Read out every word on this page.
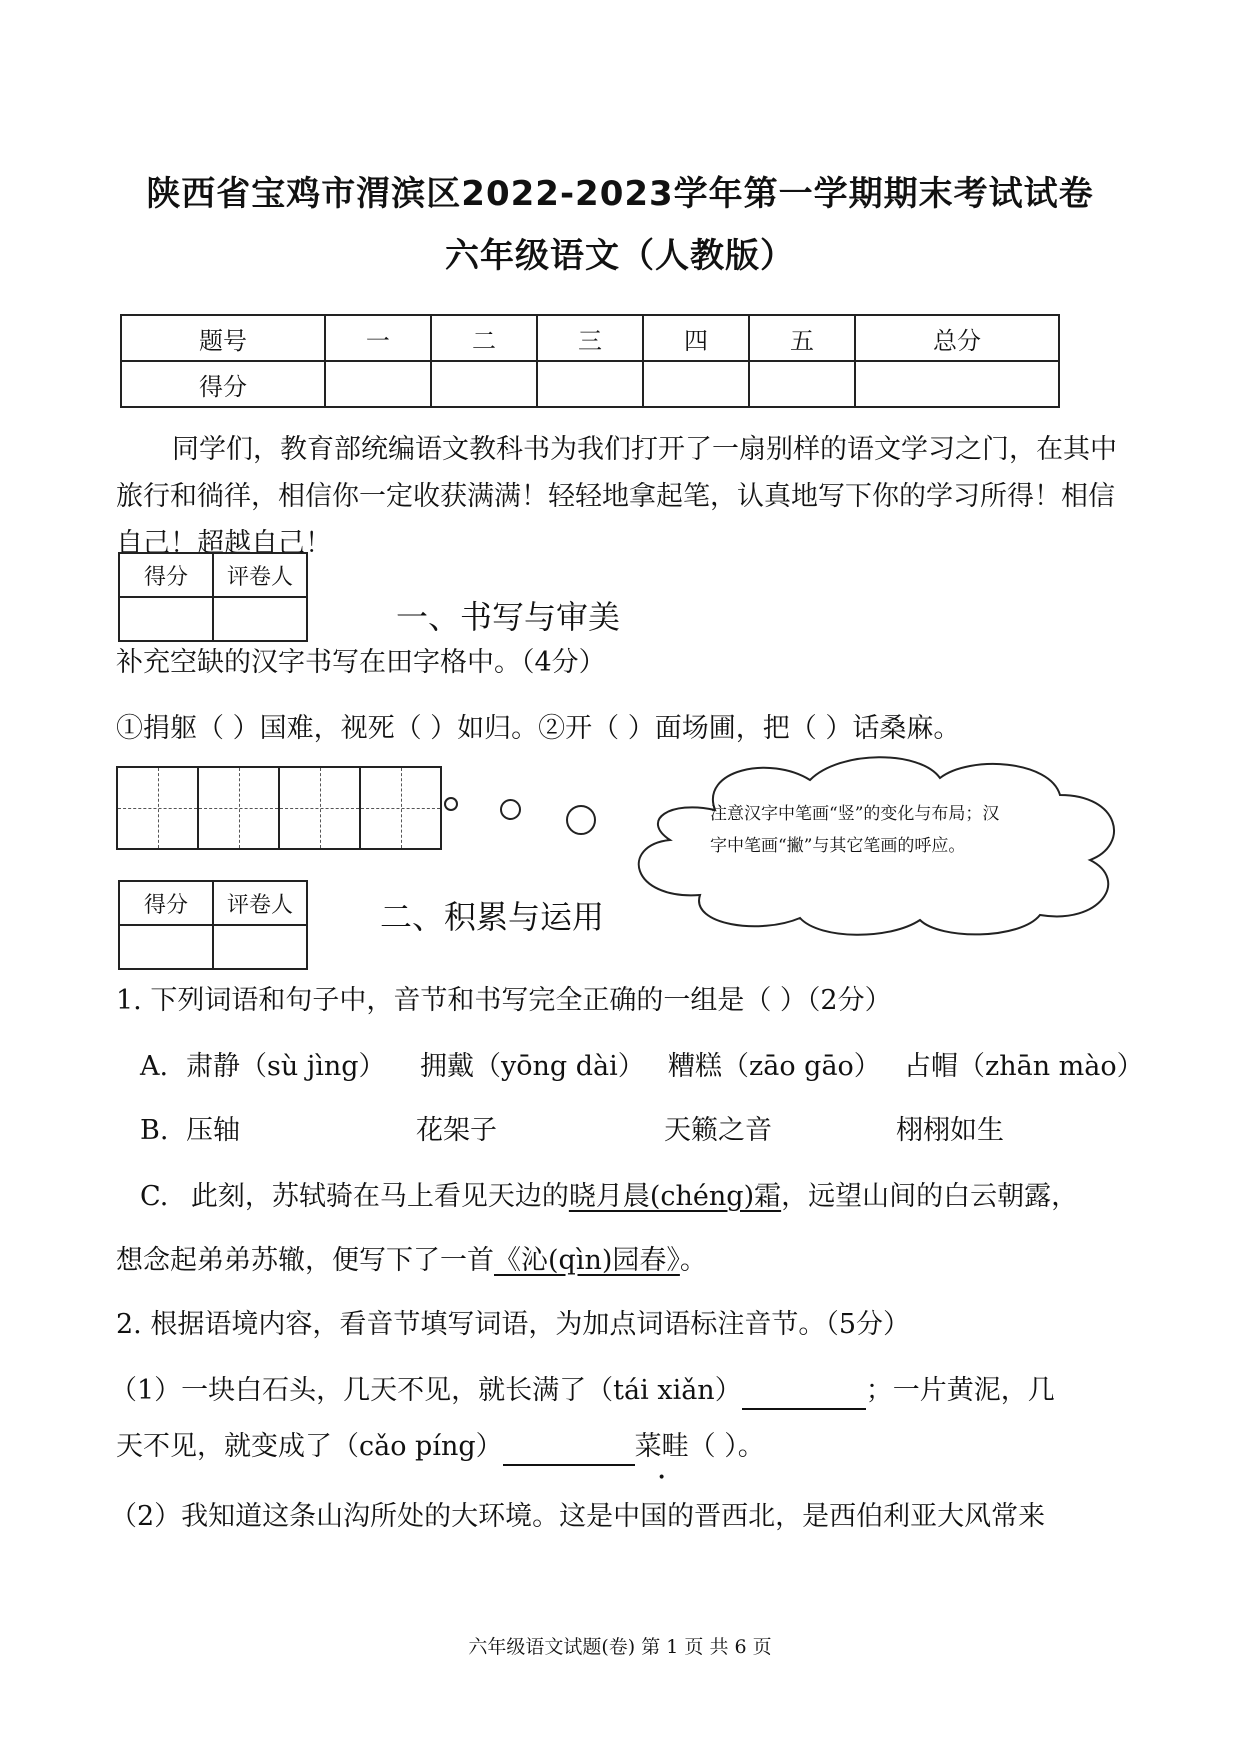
陕西省宝鸡市渭滨区2022-2023学年第一学期期末考试试卷
六年级语文（人教版）
题号	一	二	三	四	五	总分
得分						
同学们，教育部统编语文教科书为我们打开了一扇别样的语文学习之门，在其中旅行和徜徉，相信你一定收获满满！轻轻地拿起笔，认真地写下你的学习所得！相信自己！超越自己！
得分	评卷人

一、书写与审美
补充空缺的汉字书写在田字格中。（4分）
①捐躯（ ）国难，视死（ ）如归。②开（ ）面场圃，把（ ）话桑麻。
注意汉字中笔画“竖”的变化与布局；汉字中笔画“撇”与其它笔画的呼应。
得分	评卷人
		二、积累与运用
1. 下列词语和句子中，音节和书写完全正确的一组是（ ）（2分）
A. 肃静（sù jìng） 拥戴（yōng dài） 糟糕（zāo gāo） 占帽（zhān mào）
B. 压轴	花架子	天籁之音	栩栩如生
C. 此刻，苏轼骑在马上看见天边的晓月晨(chéng)霜，远望山间的白云朝露，
想念起弟弟苏辙，便写下了一首《沁(qìn)园春》。
2. 根据语境内容，看音节填写词语，为加点词语标注音节。（5分）
（1）一块白石头，几天不见，就长满了（tái xiǎn）	；一片黄泥，几
天不见，就变成了（cǎo píng）	菜畦（ ）。
（2）我知道这条山沟所处的大环境。这是中国的晋西北，是西伯利亚大风常来
六年级语文试题(卷) 第 1 页 共 6 页
